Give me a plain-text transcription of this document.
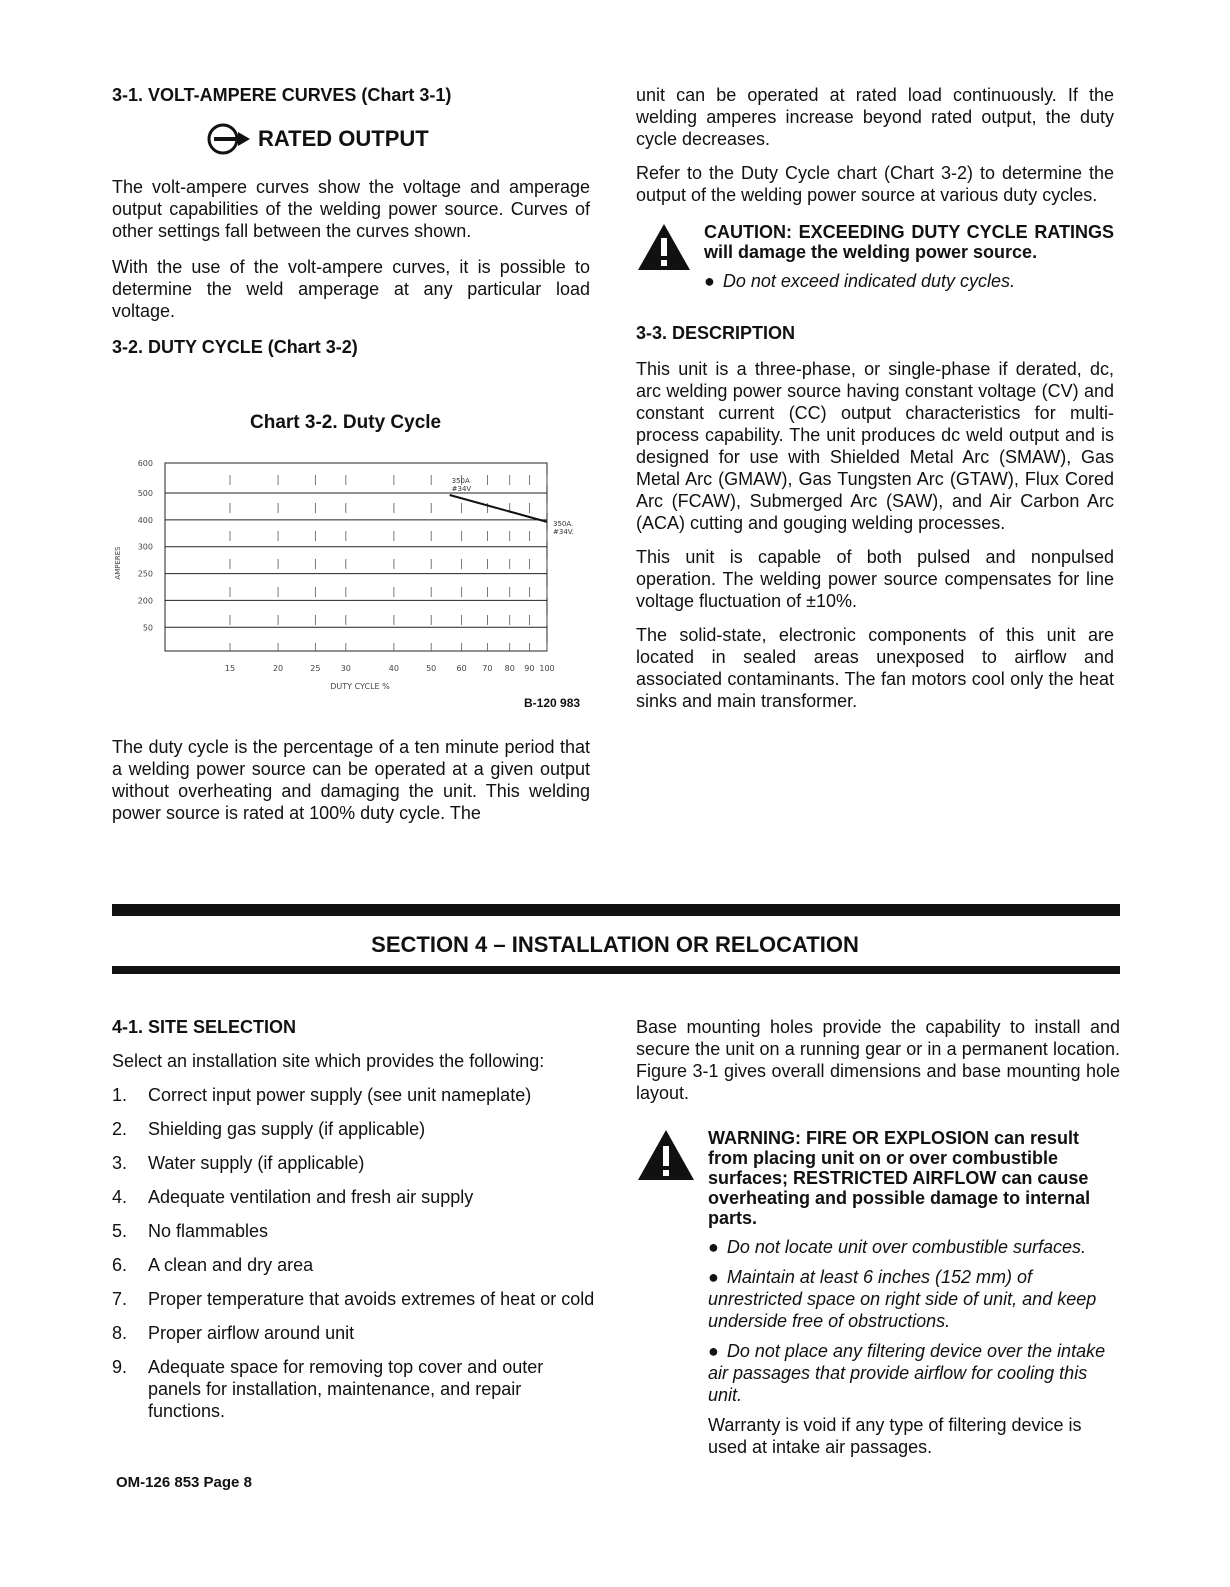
3-1. VOLT-AMPERE CURVES (Chart 3-1)
RATED OUTPUT

The volt-ampere curves show the voltage and amperage output capabilities of the welding power source. Curves of other settings fall between the curves shown.

With the use of the volt-ampere curves, it is possible to determine the weld amperage at any particular load voltage.

3-2. DUTY CYCLE (Chart 3-2)
Chart 3-2. Duty Cycle
600
500
400
300
250
200
50
15	20	25	30	40	50	60 70 80 90 100
DUTY CYCLE %
AMPERES
350A
#34V
350A.
#34V.
B-120 983

The duty cycle is the percentage of a ten minute period that a welding power source can be operated at a given output without overheating and damaging the unit. This welding power source is rated at 100% duty cycle. The

unit can be operated at rated load continuously. If the welding amperes increase beyond rated output, the duty cycle decreases.

Refer to the Duty Cycle chart (Chart 3-2) to determine the output of the welding power source at various duty cycles.

CAUTION: EXCEEDING DUTY CYCLE RATINGS will damage the welding power source.
● Do not exceed indicated duty cycles.
3-3. DESCRIPTION

This unit is a three-phase, or single-phase if derated, dc, arc welding power source having constant voltage (CV) and constant current (CC) output characteristics for multi-process capability. The unit produces dc weld output and is designed for use with Shielded Metal Arc (SMAW), Gas Metal Arc (GMAW), Gas Tungsten Arc (GTAW), Flux Cored Arc (FCAW), Submerged Arc (SAW), and Air Carbon Arc (ACA) cutting and gouging welding processes.

This unit is capable of both pulsed and nonpulsed operation. The welding power source compensates for line voltage fluctuation of ±10%.

The solid-state, electronic components of this unit are located in sealed areas unexposed to airflow and associated contaminants. The fan motors cool only the heat sinks and main transformer.

SECTION 4 – INSTALLATION OR RELOCATION
4-1. SITE SELECTION

Select an installation site which provides the following:

1.	Correct input power supply (see unit nameplate)
2.	Shielding gas supply (if applicable)
3.	Water supply (if applicable)
4.	Adequate ventilation and fresh air supply
5.	No flammables
6.	A clean and dry area
7.	Proper temperature that avoids extremes of heat or cold
8.	Proper airflow around unit
9.	Adequate space for removing top cover and outer panels for installation, maintenance, and repair functions.

Base mounting holes provide the capability to install and secure the unit on a running gear or in a permanent location. Figure 3-1 gives overall dimensions and base mounting hole layout.

WARNING: FIRE OR EXPLOSION can result from placing unit on or over combustible surfaces; RESTRICTED AIRFLOW can cause overheating and possible damage to internal parts.
● Do not locate unit over combustible surfaces.
● Maintain at least 6 inches (152 mm) of unrestricted space on right side of unit, and keep underside free of obstructions.
● Do not place any filtering device over the intake air passages that provide airflow for cooling this unit.

Warranty is void if any type of filtering device is used at intake air passages.

OM-126 853 Page 8
